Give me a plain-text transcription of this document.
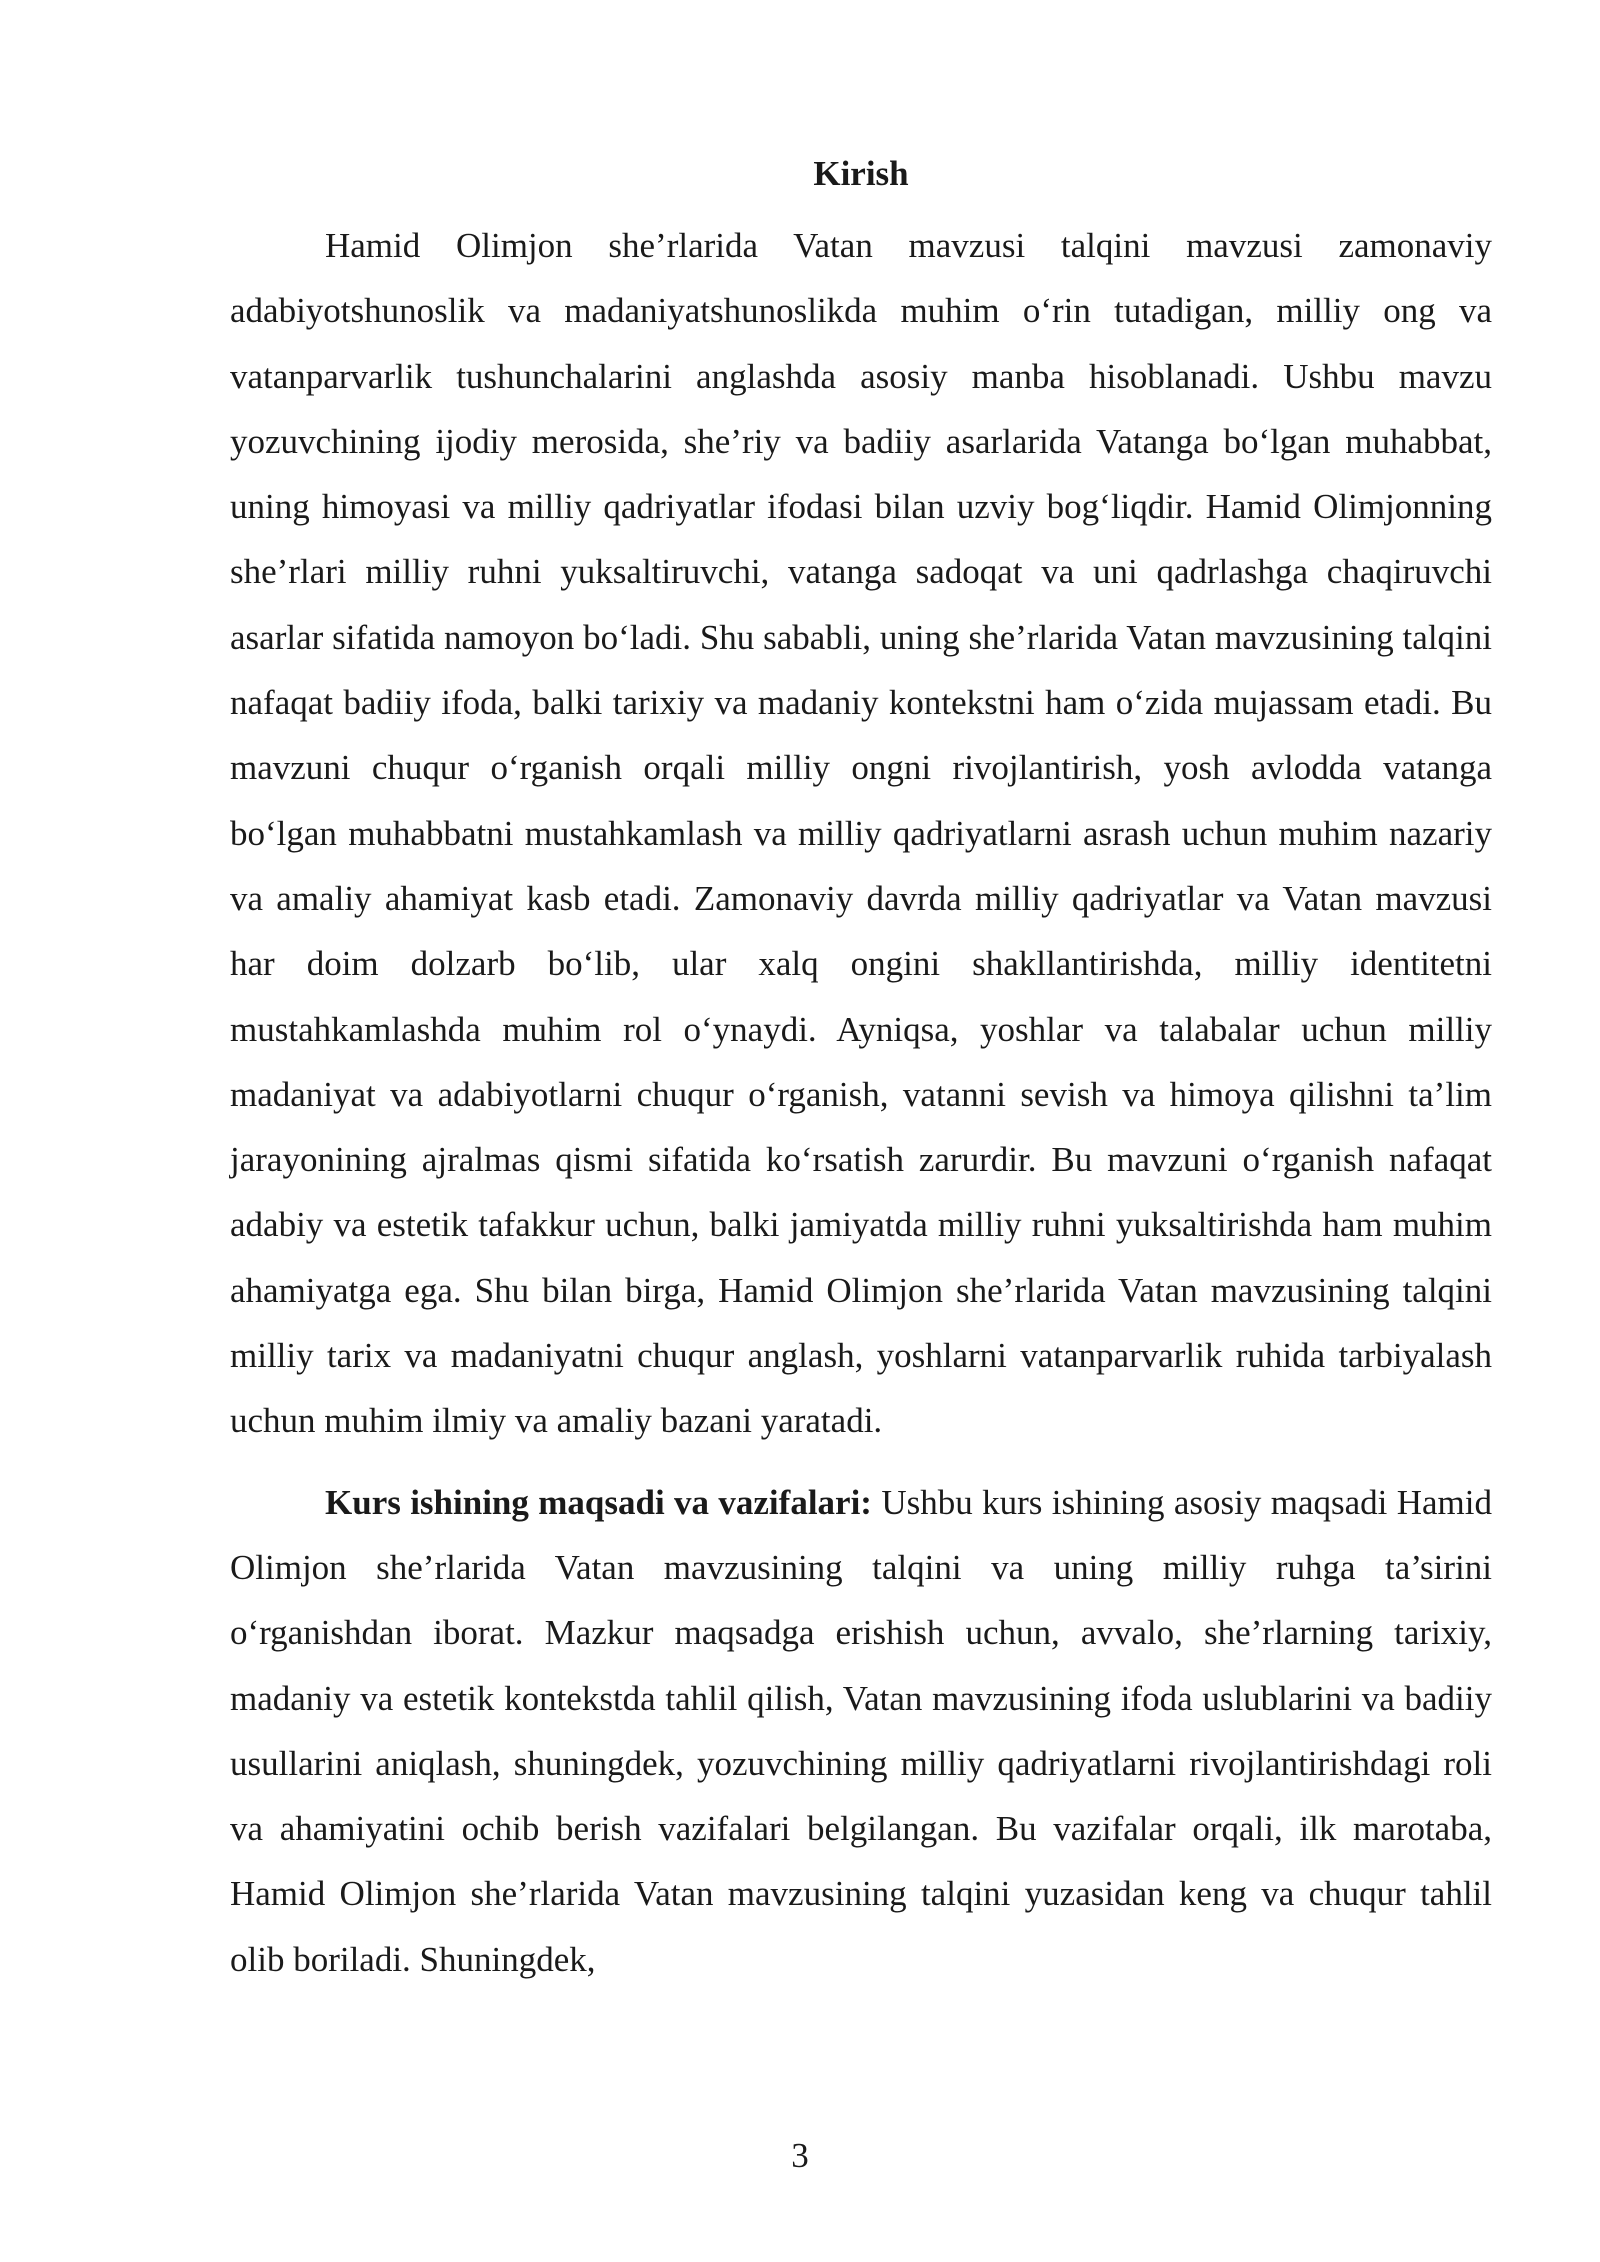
Kirish

Hamid Olimjon she’rlarida Vatan mavzusi talqini mavzusi zamonaviy adabiyotshunoslik va madaniyatshunoslikda muhim o‘rin tutadigan, milliy ong va vatanparvarlik tushunchalarini anglashda asosiy manba hisoblanadi. Ushbu mavzu yozuvchining ijodiy merosida, she’riy va badiiy asarlarida Vatanga bo‘lgan muhabbat, uning himoyasi va milliy qadriyatlar ifodasi bilan uzviy bog‘liqdir. Hamid Olimjonning she’rlari milliy ruhni yuksaltiruvchi, vatanga sadoqat va uni qadrlashga chaqiruvchi asarlar sifatida namoyon bo‘ladi. Shu sababli, uning she’rlarida Vatan mavzusining talqini nafaqat badiiy ifoda, balki tarixiy va madaniy kontekstni ham o‘zida mujassam etadi. Bu mavzuni chuqur o‘rganish orqali milliy ongni rivojlantirish, yosh avlodda vatanga bo‘lgan muhabbatni mustahkamlash va milliy qadriyatlarni asrash uchun muhim nazariy va amaliy ahamiyat kasb etadi. Zamonaviy davrda milliy qadriyatlar va Vatan mavzusi har doim dolzarb bo‘lib, ular xalq ongini shakllantirishda, milliy identitetni mustahkamlashda muhim rol o‘ynaydi. Ayniqsa, yoshlar va talabalar uchun milliy madaniyat va adabiyotlarni chuqur o‘rganish, vatanni sevish va himoya qilishni ta’lim jarayonining ajralmas qismi sifatida ko‘rsatish zarurdir. Bu mavzuni o‘rganish nafaqat adabiy va estetik tafakkur uchun, balki jamiyatda milliy ruhni yuksaltirishda ham muhim ahamiyatga ega. Shu bilan birga, Hamid Olimjon she’rlarida Vatan mavzusining talqini milliy tarix va madaniyatni chuqur anglash, yoshlarni vatanparvarlik ruhida tarbiyalash uchun muhim ilmiy va amaliy bazani yaratadi.

Kurs ishining maqsadi va vazifalari: Ushbu kurs ishining asosiy maqsadi Hamid Olimjon she’rlarida Vatan mavzusining talqini va uning milliy ruhga ta’sirini o‘rganishdan iborat. Mazkur maqsadga erishish uchun, avvalo, she’rlarning tarixiy, madaniy va estetik kontekstda tahlil qilish, Vatan mavzusining ifoda uslublarini va badiiy usullarini aniqlash, shuningdek, yozuvchining milliy qadriyatlarni rivojlantirishdagi roli va ahamiyatini ochib berish vazifalari belgilangan. Bu vazifalar orqali, ilk marotaba, Hamid Olimjon she’rlarida Vatan mavzusining talqini yuzasidan keng va chuqur tahlil olib boriladi. Shuningdek,

3
